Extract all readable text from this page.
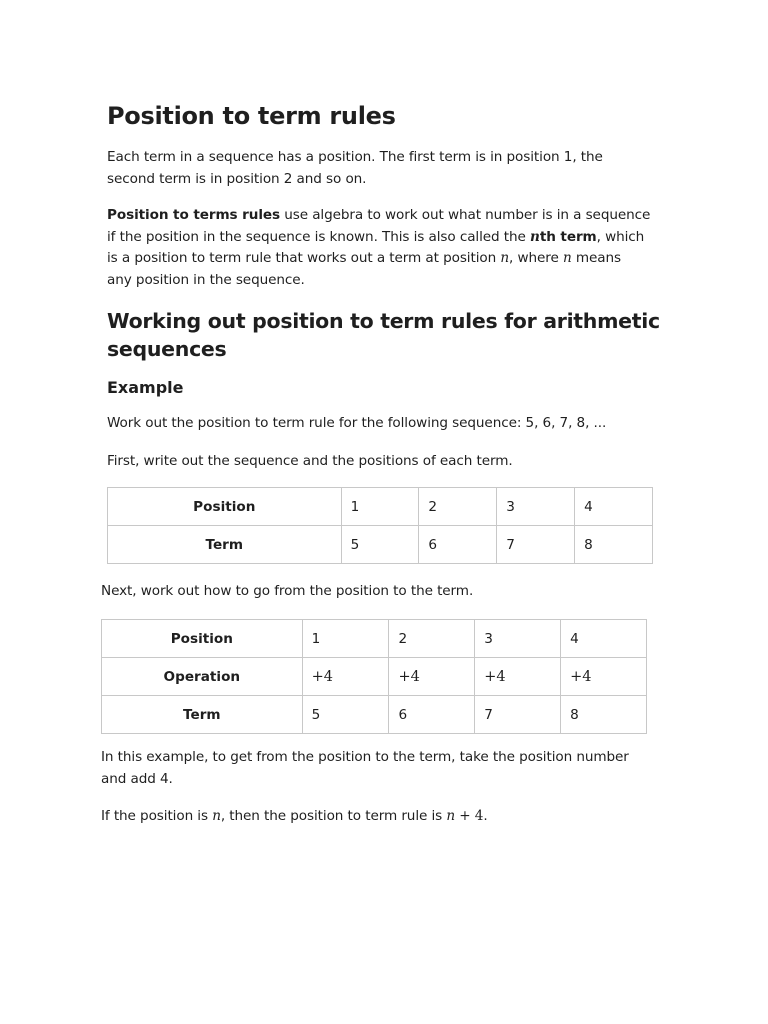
Position to term rules

Each term in a sequence has a position. The first term is in position 1, the

second term is in position 2 and so on.

Position to terms rules use algebra to work out what number is in a sequence

if the position in the sequence is known. This is also called the nth term, which

is a position to term rule that works out a term at position n, where n means

any position in the sequence.

Working out position to term rules for arithmetic
sequences
Example

Work out the position to term rule for the following sequence: 5, 6, 7, 8, ...

First, write out the sequence and the positions of each term.

Position	1	2	3	4
Term	5	6	7	8

Next, work out how to go from the position to the term.

Position	1	2	3	4
Operation	+4	+4	+4	+4
Term	5	6	7	8

In this example, to get from the position to the term, take the position number

and add 4.

If the position is n, then the position to term rule is n + 4.
